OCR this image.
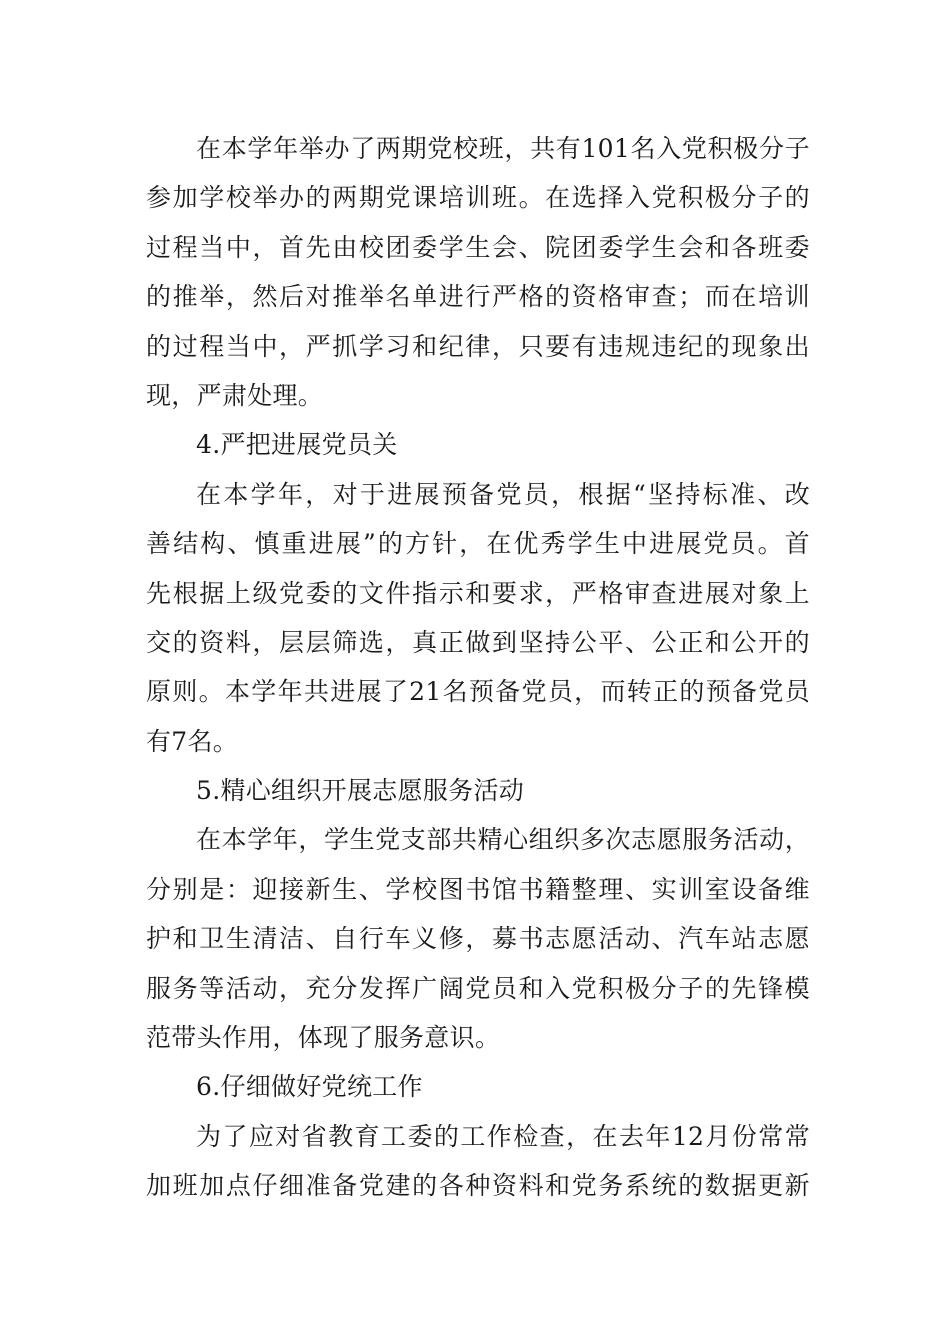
在本学年举办了两期党校班，共有101名入党积极分子
参加学校举办的两期党课培训班。在选择入党积极分子的
过程当中，首先由校团委学生会、院团委学生会和各班委
的推举，然后对推举名单进行严格的资格审查；而在培训
的过程当中，严抓学习和纪律，只要有违规违纪的现象出
现，严肃处理。
4.严把进展党员关
在本学年，对于进展预备党员，根据“坚持标准、改
善结构、慎重进展”的方针，在优秀学生中进展党员。首
先根据上级党委的文件指示和要求，严格审查进展对象上
交的资料，层层筛选，真正做到坚持公平、公正和公开的
原则。本学年共进展了21名预备党员，而转正的预备党员
有7名。
5.精心组织开展志愿服务活动
在本学年，学生党支部共精心组织多次志愿服务活动，
分别是：迎接新生、学校图书馆书籍整理、实训室设备维
护和卫生清洁、自行车义修，募书志愿活动、汽车站志愿
服务等活动，充分发挥广阔党员和入党积极分子的先锋模
范带头作用，体现了服务意识。
6.仔细做好党统工作
为了应对省教育工委的工作检查，在去年12月份常常
加班加点仔细准备党建的各种资料和党务系统的数据更新
